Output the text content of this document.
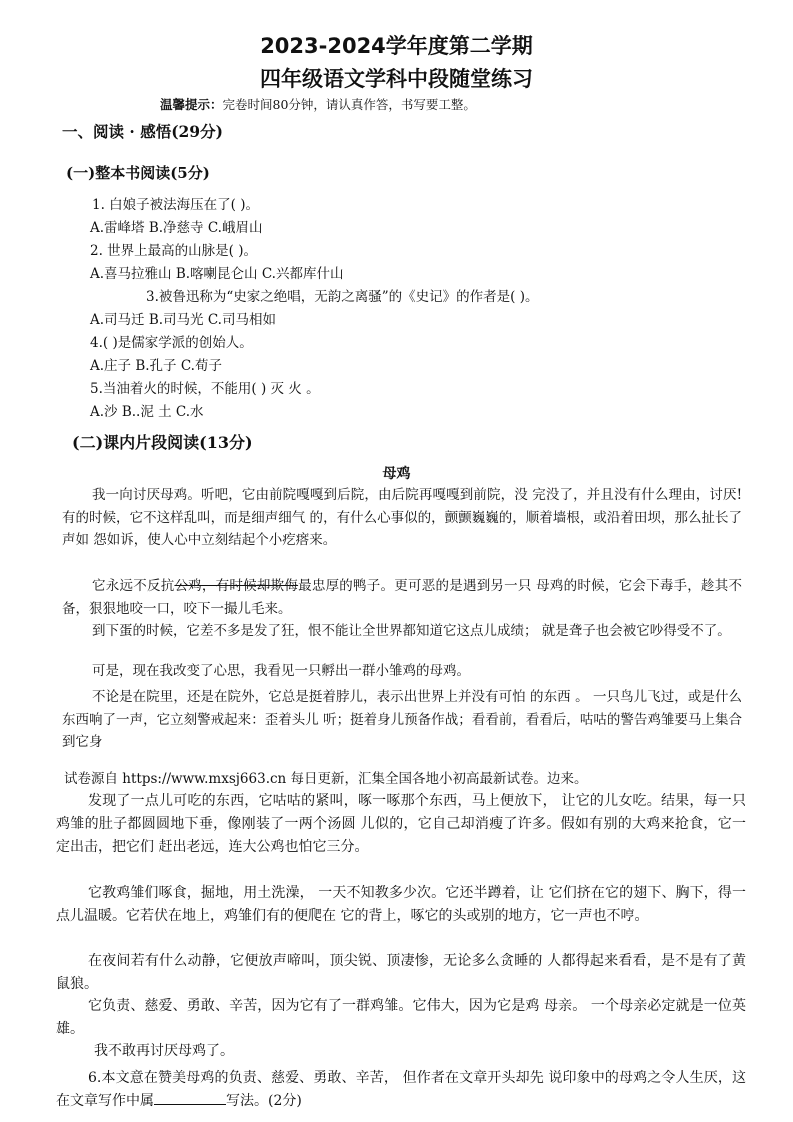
2023-2024学年度第二学期
四年级语文学科中段随堂练习
温馨提示：完卷时间80分钟，请认真作答，书写要工整。
一、阅读 · 感悟(29分)
(一)整本书阅读(5分)
1. 白娘子被法海压在了( )。
A.雷峰塔 B.净慈寺 C.峨眉山
2. 世界上最高的山脉是( )。
A.喜马拉雅山 B.喀喇昆仑山 C.兴都库什山
3.被鲁迅称为“史家之绝唱，无韵之离骚”的《史记》的作者是( )。
A.司马迁 B.司马光 C.司马相如
4.( )是儒家学派的创始人。
A.庄子 B.孔子 C.荀子
5.当油着火的时候，不能用( ) 灭 火 。
A.沙 B..泥 土 C.水
(二)课内片段阅读(13分)
母鸡
我一向讨厌母鸡。听吧，它由前院嘎嘎到后院，由后院再嘎嘎到前院，没 完没了，并且没有什么理由，讨厌!有的时候，它不这样乱叫，而是细声细气 的，有什么心事似的，颤颤巍巍的，顺着墙根，或沿着田坝，那么扯长了声如 怨如诉，使人心中立刻结起个小疙瘩来。
它永远不反抗公鸡，有时候却欺侮最忠厚的鸭子。更可恶的是遇到另一只 母鸡的时候，它会下毒手，趁其不备，狠狠地咬一口，咬下一撮儿毛来。
到下蛋的时候，它差不多是发了狂，恨不能让全世界都知道它这点儿成绩； 就是聋子也会被它吵得受不了。
可是，现在我改变了心思，我看见一只孵出一群小雏鸡的母鸡。
不论是在院里，还是在院外，它总是挺着脖儿，表示出世界上并没有可怕 的东西 。 一只鸟儿飞过，或是什么东西响了一声，它立刻警戒起来：歪着头儿 听；挺着身儿预备作战；看看前，看看后，咕咕的警告鸡雏要马上集合到它身
试卷源自 https://www.mxsj663.cn 每日更新，汇集全国各地小初高最新试卷。边来。
发现了一点儿可吃的东西，它咕咕的紧叫，啄一啄那个东西，马上便放下， 让它的儿女吃。结果，每一只鸡雏的肚子都圆圆地下垂，像刚装了一两个汤圆 儿似的，它自己却消瘦了许多。假如有别的大鸡来抢食，它一定出击，把它们 赶出老远，连大公鸡也怕它三分。
它教鸡雏们啄食，掘地，用土洗澡， 一天不知教多少次。它还半蹲着，让 它们挤在它的翅下、胸下，得一点儿温暖。它若伏在地上，鸡雏们有的便爬在 它的背上，啄它的头或别的地方，它一声也不哼。
在夜间若有什么动静，它便放声啼叫，顶尖锐、顶凄惨，无论多么贪睡的 人都得起来看看，是不是有了黄鼠狼。
它负责、慈爱、勇敢、辛苦，因为它有了一群鸡雏。它伟大，因为它是鸡 母亲。 一个母亲必定就是一位英雄。
我不敢再讨厌母鸡了。
6.本文意在赞美母鸡的负责、慈爱、勇敢、辛苦， 但作者在文章开头却先 说印象中的母鸡之令人生厌，这在文章写作中属	写法。(2分)
